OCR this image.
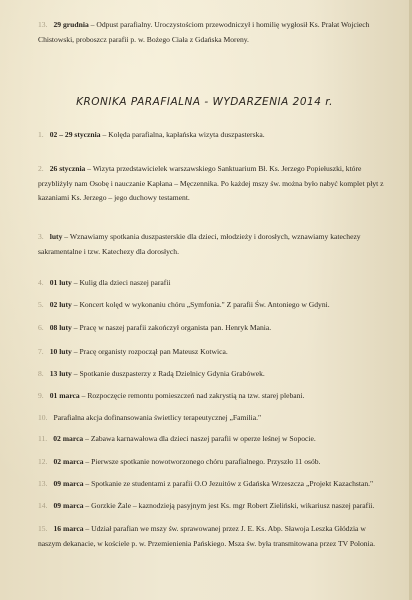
13. 29 grudnia – Odpust parafialny. Uroczystościom przewodniczył i homilię wygłosił Ks. Prałat Wojciech Chistowski, proboszcz parafii p. w. Bożego Ciała z Gdańska Moreny.
KRONIKA PARAFIALNA - WYDARZENIA 2014 r.
1. 02 – 29 stycznia – Kolęda parafialna, kapłańska wizyta duszpasterska.
2. 26 stycznia – Wizyta przedstawicielek warszawskiego Sanktuarium Bł. Ks. Jerzego Popiełuszki, które przybliżyły nam Osobę i nauczanie Kapłana – Męczennika. Po każdej mszy św. można było nabyć komplet płyt z kazaniami Ks. Jerzego – jego duchowy testament.
3. luty – Wznawiamy spotkania duszpasterskie dla dzieci, młodzieży i dorosłych, wznawiamy katechezy sakramentalne i tzw. Katechezy dla dorosłych.
4. 01 luty – Kulig dla dzieci naszej parafii
5. 02 luty – Koncert kolęd w wykonaniu chóru „Symfonia." Z parafii Św. Antoniego w Gdyni.
6. 08 luty – Pracę w naszej parafii zakończył organista pan. Henryk Mania.
7. 10 luty – Pracę organisty rozpoczął pan Mateusz Kotwica.
8. 13 luty – Spotkanie duszpasterzy z Radą Dzielnicy Gdynia Grabówek.
9. 01 marca – Rozpoczęcie remontu pomieszczeń nad zakrystią na tzw. starej plebani.
10. Parafialna akcja dofinansowania świetlicy terapeutycznej „Familia."
11. 02 marca – Zabawa karnawałowa dla dzieci naszej parafii w operze leśnej w Sopocie.
12. 02 marca – Pierwsze spotkanie nowotworzonego chóru parafialnego. Przyszło 11 osób.
13. 09 marca – Spotkanie ze studentami z parafii O.O Jezuitów z Gdańska Wrzeszcza „Projekt Kazachstan."
14. 09 marca – Gorzkie Żale – kaznodzieją pasyjnym jest Ks. mgr Robert Zieliński, wikariusz naszej parafii.
15. 16 marca – Udział parafian we mszy św. sprawowanej przez J. E. Ks. Abp. Sławoja Leszka Głódzia w naszym dekanacie, w kościele p. w. Przemienienia Pańskiego. Msza św. była transmitowana przez TV Polonia.
